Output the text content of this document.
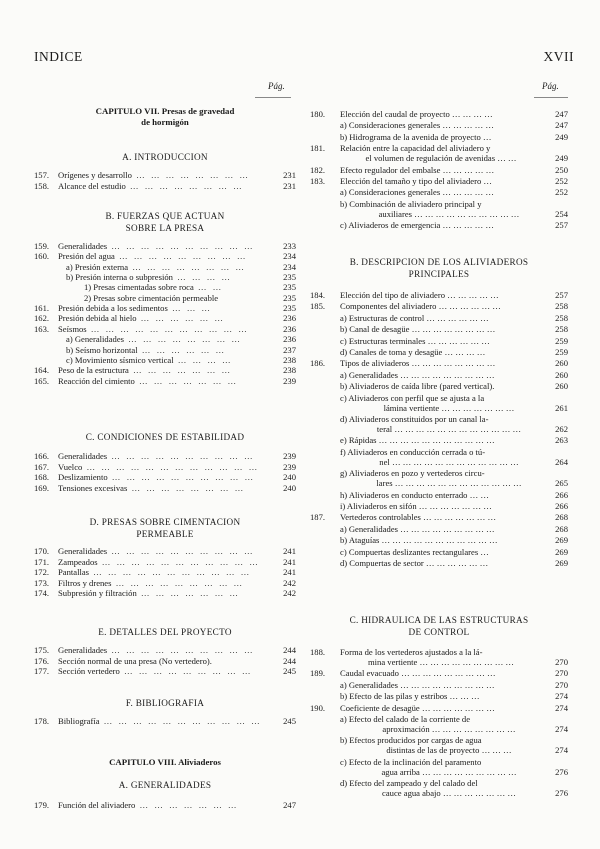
INDICE	XVII
Pág.	Pág.
CAPITULO VII. Presas de gravedad
de hormigón
A. INTRODUCCION
157. Orígenes y desarrollo … … … … … … … …	231
158. Alcance del estudio … … … … … … … …	231
B. FUERZAS QUE ACTUAN
SOBRE LA PRESA
159. Generalidades … … … … … … … … … …	233
160. Presión del agua … … … … … … … … …	234
a) Presión externa … … … … … … … …	234
b) Presión interna o subpresión … … … …	235
1) Presas cimentadas sobre roca … …	235
2) Presas sobre cimentación permeable	235
161. Presión debida a los sedimentos … … …	235
162. Presión debida al hielo … … … … … …	236
163. Seísmos … … … … … … … … … … …	236
a) Generalidades … … … … … … … …	236
b) Seísmo horizontal … … … … … …	237
c) Movimiento sísmico vertical … … … …	238
164. Peso de la estructura … … … … … … …	238
165. Reacción del cimiento … … … … … … …	239
C. CONDICIONES DE ESTABILIDAD
166. Generalidades … … … … … … … … … …	239
167. Vuelco … … … … … … … … … … … …	239
168. Deslizamiento … … … … … … … … … …	240
169. Tensiones excesivas … … … … … … … …	240
D. PRESAS SOBRE CIMENTACION
PERMEABLE
170. Generalidades … … … … … … … … … …	241
171. Zampeados … … … … … … … … … … …	241
172. Pantallas … … … … … … … … … … …	241
173. Filtros y drenes … … … … … … … … …	242
174. Subpresión y filtración … … … … … … …	242
E. DETALLES DEL PROYECTO
175. Generalidades … … … … … … … … … …	244
176. Sección normal de una presa (No vertedero).	244
177. Sección vertedero … … … … … … … … …	245
F. BIBLIOGRAFIA
178. Bibliografía … … … … … … … … … … … 245
CAPITULO VIII. Aliviaderos
A. GENERALIDADES
179. Función del aliviadero … … … … … … …	247
180. Elección del caudal de proyecto … … … …	247
a) Consideraciones generales … … … … …	247
b) Hidrograma de la avenida de proyecto …	249
181. Relación entre la capacidad del aliviadero y
el volumen de regulación de avenidas … …	249
182. Efecto regulador del embalse … … … … …	250
183. Elección del tamaño y tipo del aliviadero …	252
a) Consideraciones generales … … … … …	252
b) Combinación de aliviadero principal y
auxiliares … … … … … … … … … …	254
c) Aliviaderos de emergencia … … … … …	257
B. DESCRIPCION DE LOS ALIVIADEROS
PRINCIPALES
184. Elección del tipo de aliviadero … … … … …	257
185. Componentes del aliviadero … … … … … …	258
a) Estructuras de control … … … … … …	258
b) Canal de desagüe … … … … … … … …	258
c) Estructuras terminales … … … … … …	259
d) Canales de toma y desagüe … … … …	259
186. Tipos de aliviaderos … … … … … … … …	260
a) Generalidades … … … … … … … … …	260
b) Aliviaderos de caída libre (pared vertical).	260
c) Aliviaderos con perfil que se ajusta a la
lámina vertiente … … … … … … …	261
d) Aliviaderos constituidos por un canal la-
teral … … … … … … … … … … … …	262
e) Rápidas … … … … … … … … … … …	263
f) Aliviaderos en conducción cerrada o tú-
nel … … … … … … … … … … … …	264
g) Aliviaderos en pozo y vertederos circu-
lares … … … … … … … … … … … …	265
h) Aliviaderos en conducto enterrado … …	266
i) Aliviaderos en sifón … … … … … … …	266
187. Vertederos controlables … … … … … … …	268
a) Generalidades … … … … … … … … …	268
b) Ataguías … … … … … … … … … … …	269
c) Compuertas deslizantes rectangulares …	269
d) Compuertas de sector … … … … … …	269
C. HIDRAULICA DE LAS ESTRUCTURAS
DE CONTROL
188. Forma de los vertederos ajustados a la lá-
mina vertiente … … … … … … … … …	270
189. Caudal evacuado … … … … … … … … …	270
a) Generalidades … … … … … … … … …	270
b) Efecto de las pilas y estribos … … …	274
190. Coeficiente de desagüe … … … … … … …	274
a) Efecto del calado de la corriente de
aproximación … … … … … … … …	274
b) Efectos producidos por cargas de agua
distintas de las de proyecto … … …	274
c) Efecto de la inclinación del paramento
agua arriba … … … … … … … … …	276
d) Efecto del zampeado y del calado del
cauce agua abajo … … … … … … …	276
